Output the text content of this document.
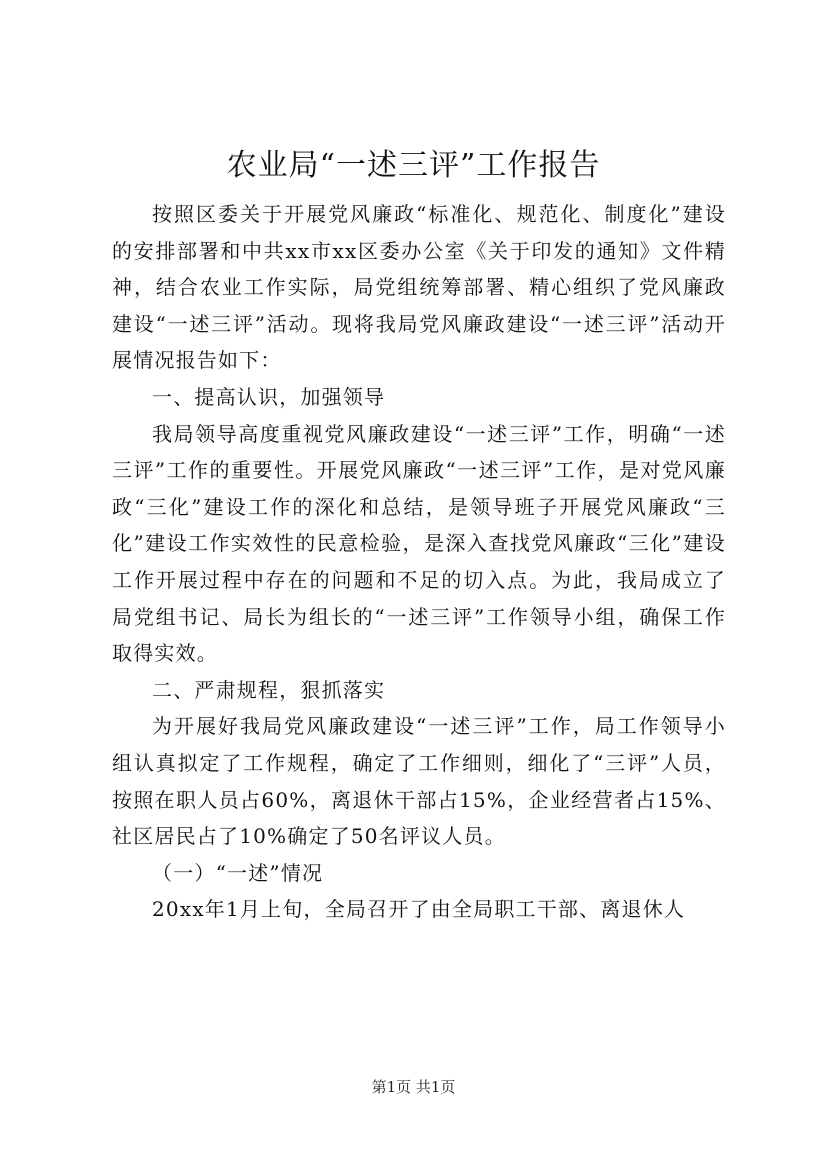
农业局“一述三评”工作报告

按照区委关于开展党风廉政“标准化、规范化、制度化”建设的安排部署和中共xx市xx区委办公室《关于印发的通知》文件精神，结合农业工作实际，局党组统筹部署、精心组织了党风廉政建设“一述三评”活动。现将我局党风廉政建设“一述三评”活动开展情况报告如下：

一、提高认识，加强领导

我局领导高度重视党风廉政建设“一述三评”工作，明确“一述三评”工作的重要性。开展党风廉政“一述三评”工作，是对党风廉政“三化”建设工作的深化和总结，是领导班子开展党风廉政“三化”建设工作实效性的民意检验，是深入查找党风廉政“三化”建设工作开展过程中存在的问题和不足的切入点。为此，我局成立了局党组书记、局长为组长的“一述三评”工作领导小组，确保工作取得实效。

二、严肃规程，狠抓落实

为开展好我局党风廉政建设“一述三评”工作，局工作领导小组认真拟定了工作规程，确定了工作细则，细化了“三评”人员，按照在职人员占60%，离退休干部占15%，企业经营者占15%、社区居民占了10%确定了50名评议人员。

（一）“一述”情况

20xx年1月上旬，全局召开了由全局职工干部、离退休人

第1页 共1页
